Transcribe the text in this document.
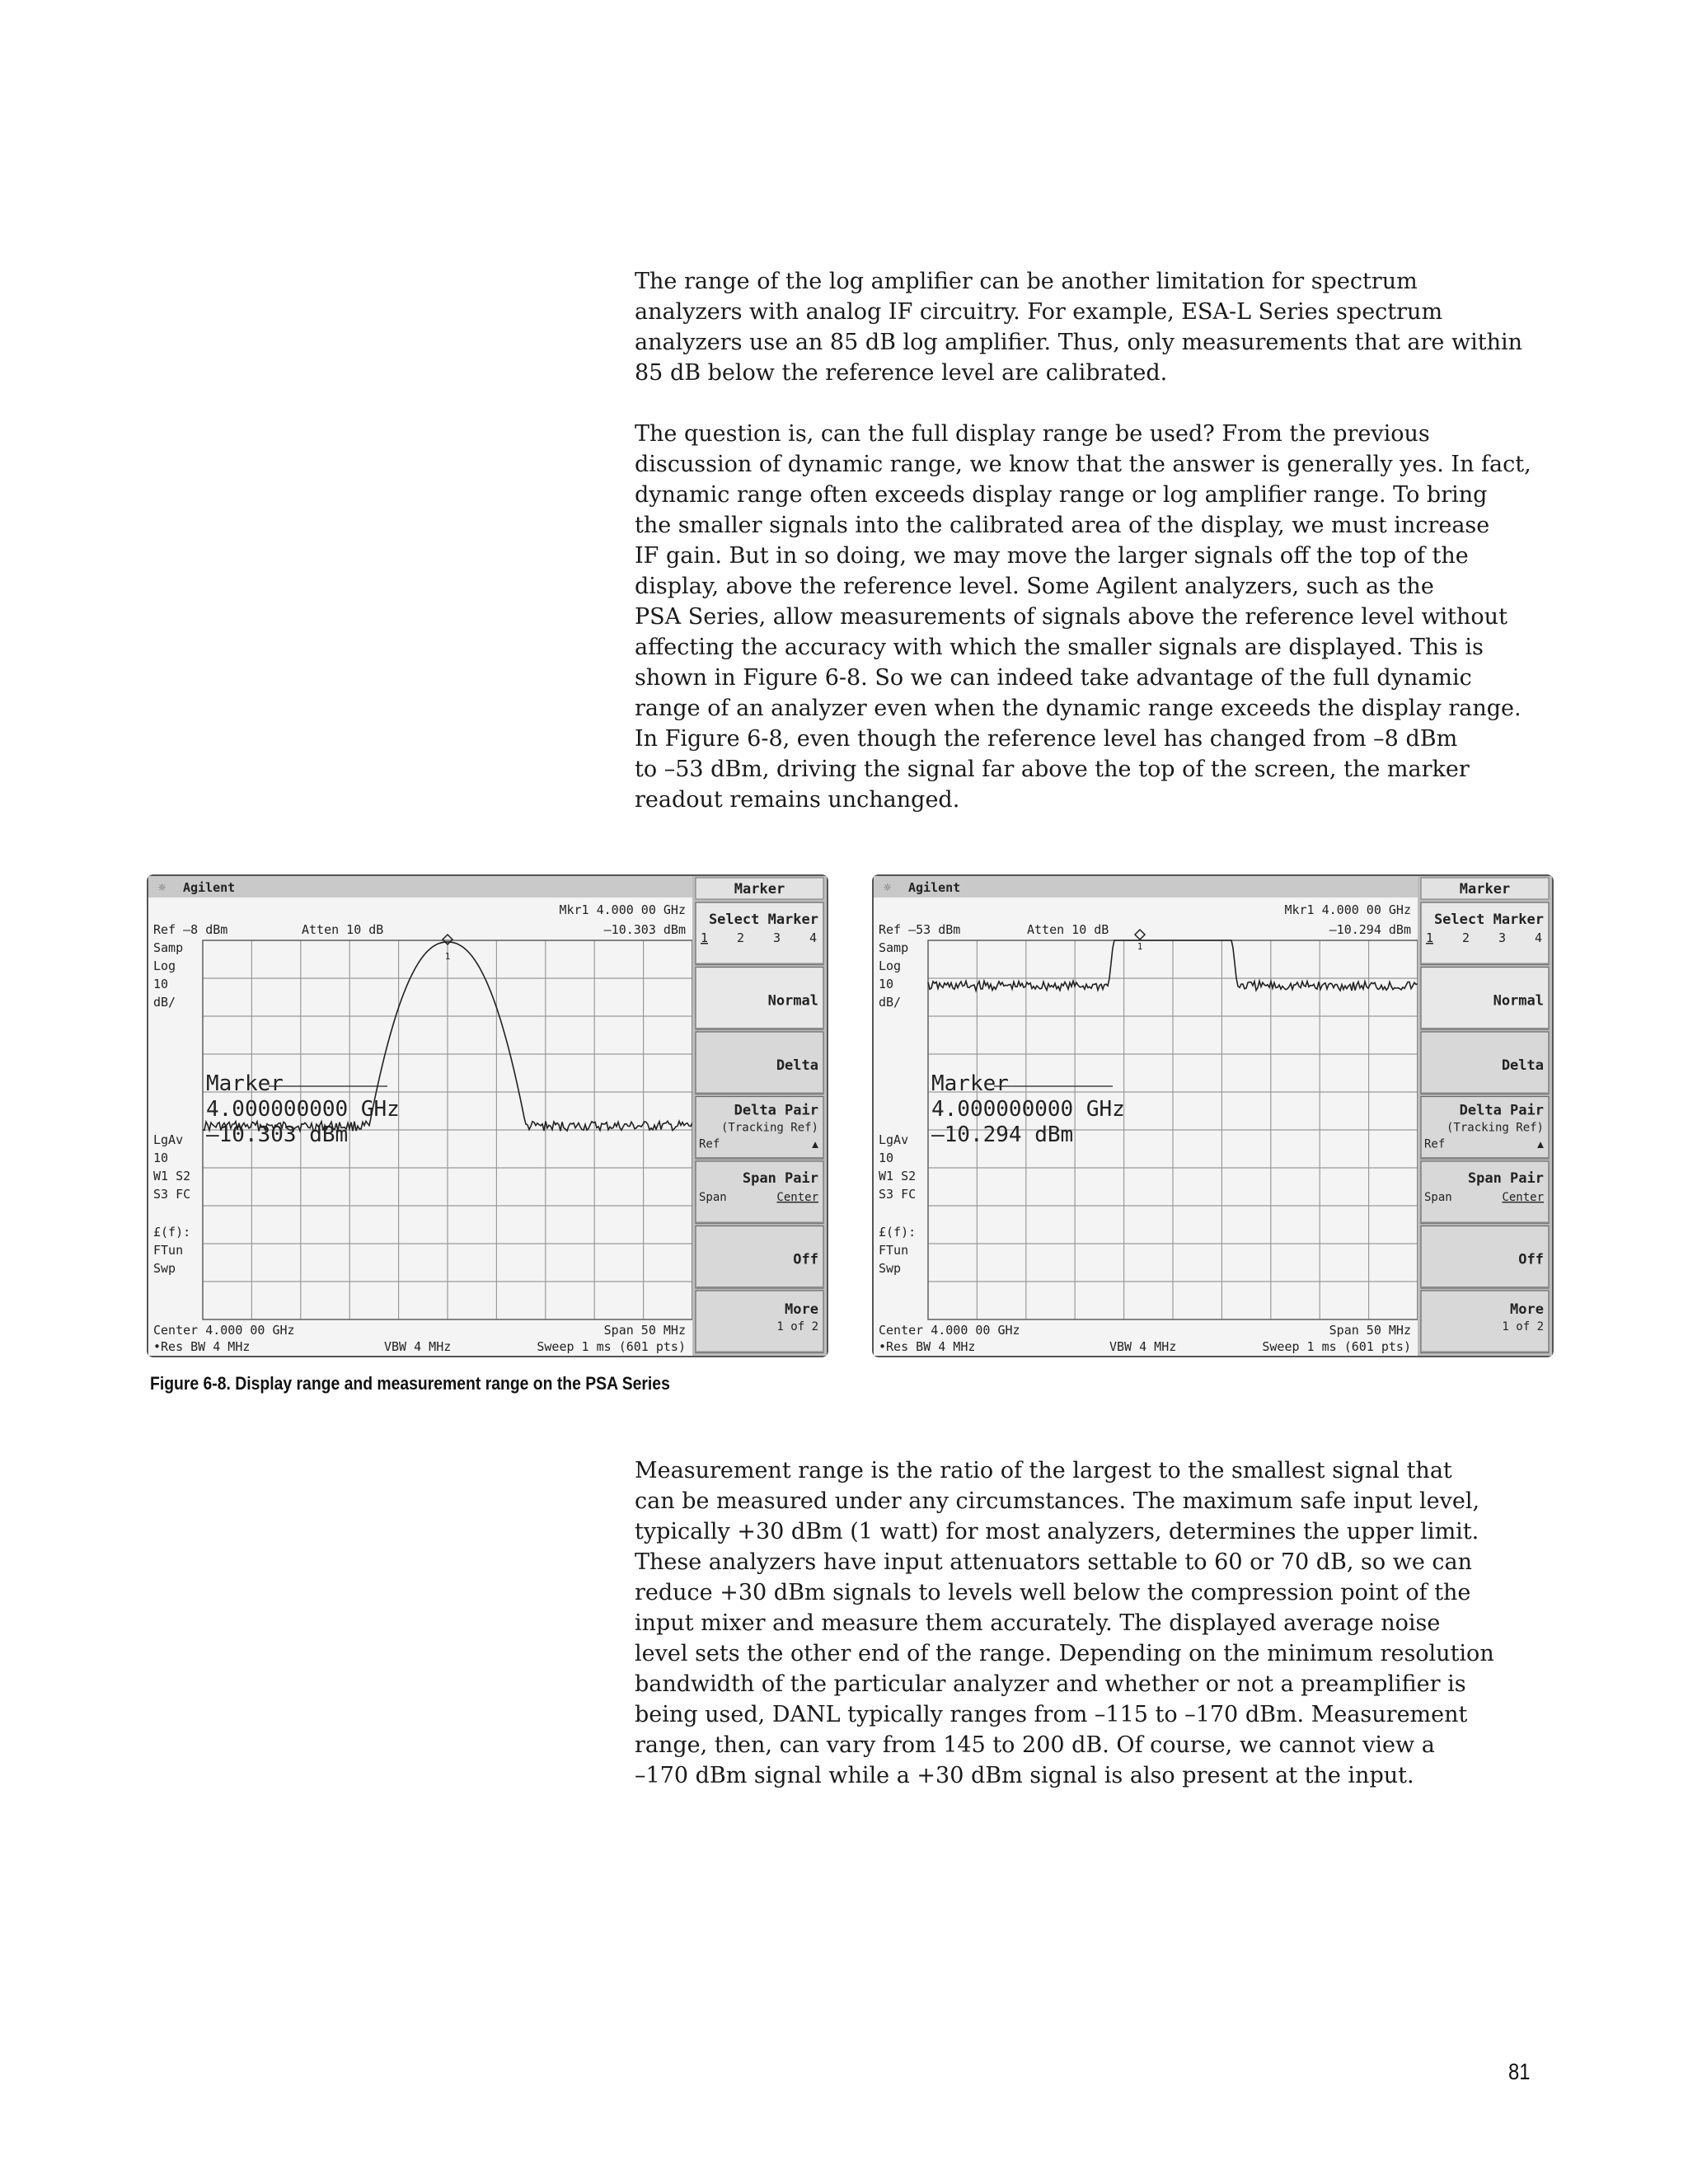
The range of the log amplifier can be another limitation for spectrum
analyzers with analog IF circuitry. For example, ESA-L Series spectrum
analyzers use an 85 dB log amplifier. Thus, only measurements that are within
85 dB below the reference level are calibrated.
The question is, can the full display range be used? From the previous
discussion of dynamic range, we know that the answer is generally yes. In fact,
dynamic range often exceeds display range or log amplifier range. To bring
the smaller signals into the calibrated area of the display, we must increase
IF gain. But in so doing, we may move the larger signals off the top of the
display, above the reference level. Some Agilent analyzers, such as the
PSA Series, allow measurements of signals above the reference level without
affecting the accuracy with which the smaller signals are displayed. This is
shown in Figure 6-8. So we can indeed take advantage of the full dynamic
range of an analyzer even when the dynamic range exceeds the display range.
In Figure 6-8, even though the reference level has changed from –8 dBm
to –53 dBm, driving the signal far above the top of the screen, the marker
readout remains unchanged.
☼ Agilent
Mkr1 4.000 00 GHz
Ref –8 dBm	Atten 10 dB	–10.303 dBm
Samp
Log
10
dB/
LgAv
10
W1 S2
S3 FC
£(f):
FTun
Swp
1
Marker
4.000000000 GHz
–10.303 dBm
Center 4.000 00 GHz	Span 50 MHz
•Res BW 4 MHz	VBW 4 MHz	Sweep 1 ms (601 pts)
Marker
Select Marker
1 2 3 4
Normal
Delta
Delta Pair
(Tracking Ref)
Ref	▲
Span Pair
Span	Center
Off
More
1 of 2
☼ Agilent
Mkr1 4.000 00 GHz
Ref –53 dBm	Atten 10 dB	–10.294 dBm
Samp
Log
10
dB/
LgAv
10
W1 S2
S3 FC
£(f):
FTun
Swp
1
Marker
4.000000000 GHz
–10.294 dBm
Center 4.000 00 GHz	Span 50 MHz
•Res BW 4 MHz	VBW 4 MHz	Sweep 1 ms (601 pts)
Marker
Select Marker
1 2 3 4
Normal
Delta
Delta Pair
(Tracking Ref)
Ref	▲
Span Pair
Span	Center
Off
More
1 of 2
Figure 6-8. Display range and measurement range on the PSA Series
Measurement range is the ratio of the largest to the smallest signal that
can be measured under any circumstances. The maximum safe input level,
typically +30 dBm (1 watt) for most analyzers, determines the upper limit.
These analyzers have input attenuators settable to 60 or 70 dB, so we can
reduce +30 dBm signals to levels well below the compression point of the
input mixer and measure them accurately. The displayed average noise
level sets the other end of the range. Depending on the minimum resolution
bandwidth of the particular analyzer and whether or not a preamplifier is
being used, DANL typically ranges from –115 to –170 dBm. Measurement
range, then, can vary from 145 to 200 dB. Of course, we cannot view a
–170 dBm signal while a +30 dBm signal is also present at the input.
81
